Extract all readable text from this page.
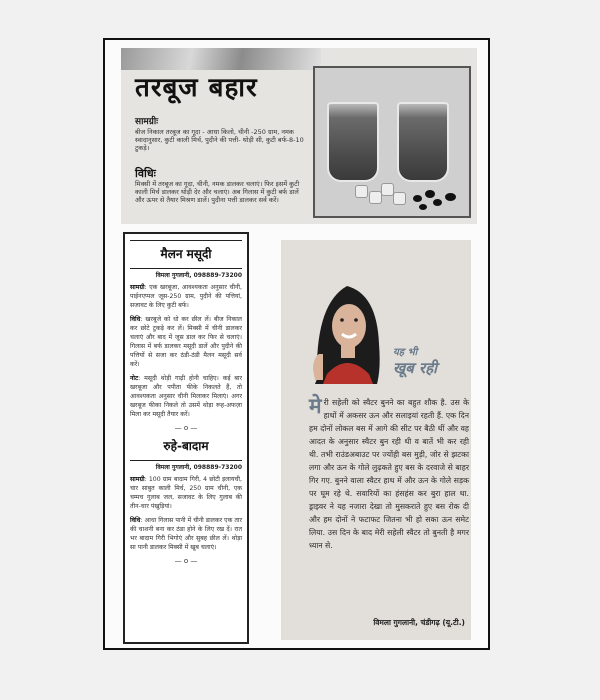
तरबूज बहार
सामग्रीः
बीज निकाल तरबूज का गूदा - आधा किलो, चीनी -250 ग्राम, नमक स्वादानुसार, कुटी काली मिर्च, पुदीने की पत्ती- थोड़ी सी, कुटी बर्फ-8-10 टुकड़े।
विधिः
मिक्सी में तरबूज का गूदा, चीनी, नमक डालकर चलाएं। फिर इसमें कुटी काली मिर्च डालकर थोड़ी देर और चलाएं। अब गिलास में कुटी बर्फ डालें और ऊपर से तैयार मिश्रण डालें। पुदीना पत्ती डालकर सर्व करें।
मैलन मसूदी
विमला गुगलानी, 098889-73200

सामग्री: एक खरबूजा, आवश्यकता अनुसार चीनी, पाईनएप्पल जूस-250 ग्राम, पुदीने की पत्तियां, सजावट के लिए कुटी बर्फ।

विधि: खरबूजे को धो कर छील लें। बीज निकाल कर छोटे टुकड़े कर लें। मिक्सी में चीनी डालकर चलाएं और बाद में जूस डाल कर फिर से चलाएं। गिलास में बर्फ डालकर मसूदी डालें और पुदीने की पत्तियों से सजा कर ठंडी-ठंडी मैलन मसूदी सर्व करें।

नोट: मसूदी थोड़ी गाढ़ी होनी चाहिए। कई बार खरबूजा और पपीता फीके निकलते हैं, तो आवश्यकता अनुसार चीनी मिलाकर मिलाएं। अगर खरबूज फीका निकले तो उसमें थोड़ा रूह-अफज़ा मिला कर मसूदी तैयार करें।

— o —
रुहे-बादाम
विमला गुगलानी, 098889-73200

सामग्री: 100 ग्राम बादाम गिरी, 4 छोटी इलायची, चार साबुत काली मिर्च, 250 ग्राम चीनी, एक चम्मच गुलाब जल, सजावट के लिए गुलाब की तीन-चार पंखुड़ियां।

विधि: आधा गिलास पानी में चीनी डालकर एक तार की चाशनी बना कर ठंडा होने के लिए रख दें। रात भर बादाम गिरी भिगोएं और सुबह छील लें। थोड़ा सा पानी डालकर मिक्सी में खूब चलाएं।

— o —
यह भी
खूब रही
मेरी सहेली को स्वैटर बुनने का बहुत शौक है. उस के हाथों में अकसर ऊन और सलाइयां रहती हैं. एक दिन हम दोनों लोकल बस में आगे की सीट पर बैठी थीं और वह आदत के अनुसार स्वैटर बुन रही थी व बातें भी कर रही थी. तभी राउंडअबाउट पर ज्योंही बस मुड़ी, जोर से झटका लगा और ऊन के गोले लुढ़कते हुए बस के दरवाजे से बाहर गिर गए. बुनने वाला स्वैटर हाथ में और ऊन के गोले सड़क पर घूम रहे थे. सवारियों का हंसहंस कर बुरा हाल था. ड्राइवर ने यह नजारा देखा तो मुसकराते हुए बस रोक दी और हम दोनों ने फटाफट जितना भी हो सका ऊन समेट लिया. उस दिन के बाद मेरी सहेली स्वैटर तो बुनती है मगर ध्यान से.
विमला गुगलानी, चंडीगढ़ (यू.टी.)
